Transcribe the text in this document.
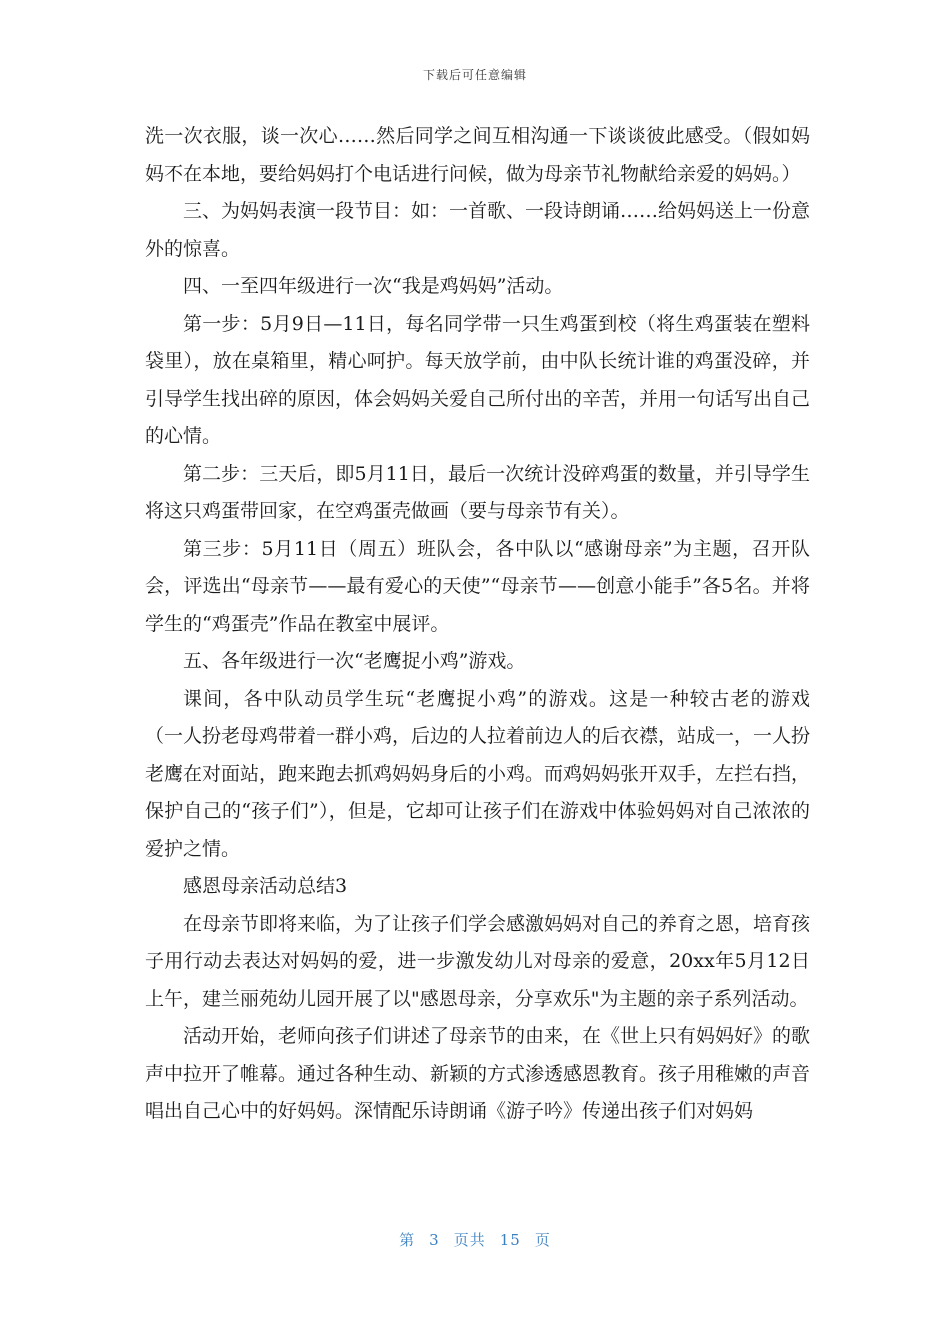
下载后可任意编辑

洗一次衣服，谈一次心……然后同学之间互相沟通一下谈谈彼此感受。（假如妈妈不在本地，要给妈妈打个电话进行问候，做为母亲节礼物献给亲爱的妈妈。）

三、为妈妈表演一段节目：如：一首歌、一段诗朗诵……给妈妈送上一份意外的惊喜。

四、一至四年级进行一次“我是鸡妈妈”活动。

第一步：5月9日—11日，每名同学带一只生鸡蛋到校（将生鸡蛋装在塑料袋里），放在桌箱里，精心呵护。每天放学前，由中队长统计谁的鸡蛋没碎，并引导学生找出碎的原因，体会妈妈关爱自己所付出的辛苦，并用一句话写出自己的心情。

第二步：三天后，即5月11日，最后一次统计没碎鸡蛋的数量，并引导学生将这只鸡蛋带回家，在空鸡蛋壳做画（要与母亲节有关）。

第三步：5月11日（周五）班队会，各中队以“感谢母亲”为主题，召开队会，评选出“母亲节——最有爱心的天使”“母亲节——创意小能手”各5名。并将学生的“鸡蛋壳”作品在教室中展评。

五、各年级进行一次“老鹰捉小鸡”游戏。

课间，各中队动员学生玩“老鹰捉小鸡”的游戏。这是一种较古老的游戏（一人扮老母鸡带着一群小鸡，后边的人拉着前边人的后衣襟，站成一，一人扮老鹰在对面站，跑来跑去抓鸡妈妈身后的小鸡。而鸡妈妈张开双手，左拦右挡，保护自己的“孩子们”），但是，它却可让孩子们在游戏中体验妈妈对自己浓浓的爱护之情。

感恩母亲活动总结3

在母亲节即将来临，为了让孩子们学会感激妈妈对自己的养育之恩，培育孩子用行动去表达对妈妈的爱，进一步激发幼儿对母亲的爱意，20xx年5月12日上午，建兰丽苑幼儿园开展了以"感恩母亲，分享欢乐"为主题的亲子系列活动。

活动开始，老师向孩子们讲述了母亲节的由来，在《世上只有妈妈好》的歌声中拉开了帷幕。通过各种生动、新颖的方式渗透感恩教育。孩子用稚嫩的声音唱出自己心中的好妈妈。深情配乐诗朗诵《游子吟》传递出孩子们对妈妈

第 3 页共 15 页
